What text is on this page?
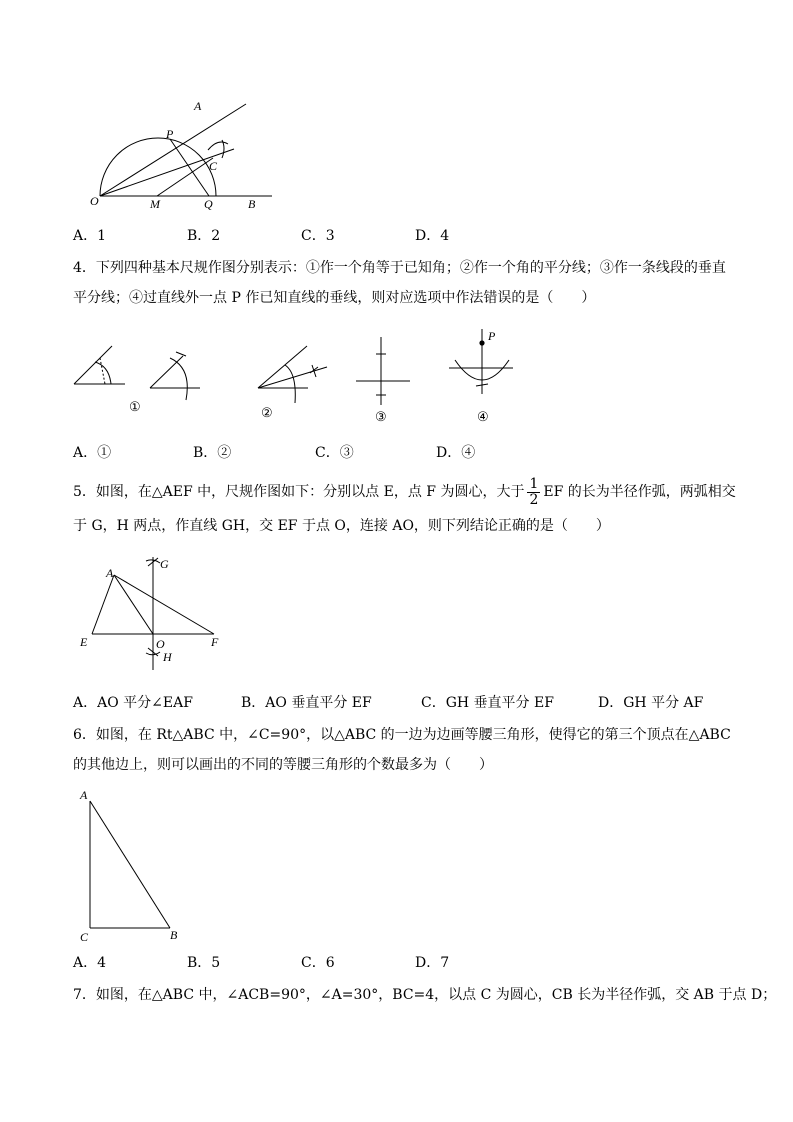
A
P
C
O	M	Q	B
A．1	B．2	C．3	D．4
4．下列四种基本尺规作图分别表示：①作一个角等于已知角；②作一个角的平分线；③作一条线段的垂直
平分线；④过直线外一点 P 作已知直线的垂线，则对应选项中作法错误的是（　　）
P
①	②	③	④
A．①	B．②	C．③	D．④
5．如图，在△AEF 中，尺规作图如下：分别以点 E，点 F 为圆心，大于 $\frac{1}{2}$ EF 的长为半径作弧，两弧相交
于 G，H 两点，作直线 GH，交 EF 于点 O，连接 AO，则下列结论正确的是（　　）
A
G
E	O	F
H
A．AO 平分∠EAF	B．AO 垂直平分 EF	C．GH 垂直平分 EF	D．GH 平分 AF
6．如图，在 Rt△ABC 中，∠C=90°，以△ABC 的一边为边画等腰三角形，使得它的第三个顶点在△ABC
的其他边上，则可以画出的不同的等腰三角形的个数最多为（　　）
A
C	B
A．4	B．5	C．6	D．7
7．如图，在△ABC 中，∠ACB=90°，∠A=30°，BC=4，以点 C 为圆心，CB 长为半径作弧，交 AB 于点 D；
